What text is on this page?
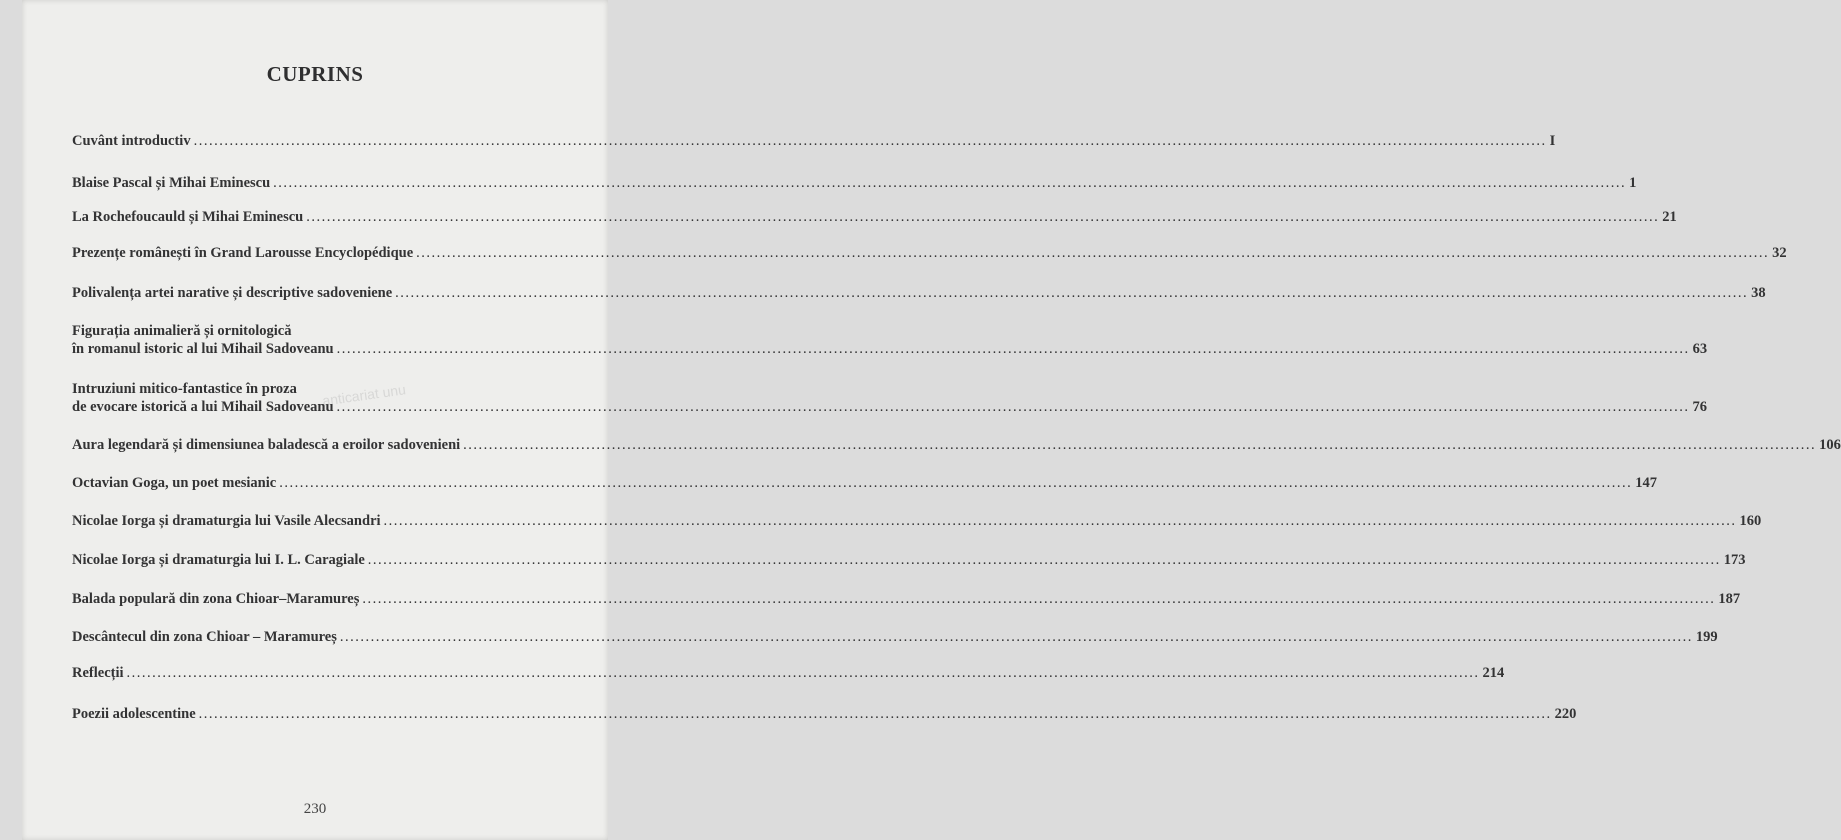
CUPRINS
Cuvânt introductiv ........................................................................................................................................................................................................................................................................ I
Blaise Pascal și Mihai Eminescu ........................................................................................................................................................................................................................................................................ 1
La Rochefoucauld și Mihai Eminescu ........................................................................................................................................................................................................................................................................ 21
Prezențe românești în Grand Larousse Encyclopédique ........................................................................................................................................................................................................................................................................ 32
Polivalența artei narative și descriptive sadoveniene ........................................................................................................................................................................................................................................................................ 38
Figurația animalieră și ornitologică
în romanul istoric al lui Mihail Sadoveanu ........................................................................................................................................................................................................................................................................ 63
Intruziuni mitico-fantastice în proza
de evocare istorică a lui Mihail Sadoveanu ........................................................................................................................................................................................................................................................................ 76
Aura legendară și dimensiunea baladescă a eroilor sadovenieni ........................................................................................................................................................................................................................................................................ 106
Octavian Goga, un poet mesianic ........................................................................................................................................................................................................................................................................ 147
Nicolae Iorga și dramaturgia lui Vasile Alecsandri ........................................................................................................................................................................................................................................................................ 160
Nicolae Iorga și dramaturgia lui I. L. Caragiale ........................................................................................................................................................................................................................................................................ 173
Balada populară din zona Chioar–Maramureș ........................................................................................................................................................................................................................................................................ 187
Descântecul din zona Chioar – Maramureș ........................................................................................................................................................................................................................................................................ 199
Reflecții ........................................................................................................................................................................................................................................................................ 214
Poezii adolescentine ........................................................................................................................................................................................................................................................................ 220
anticariat unu
230
